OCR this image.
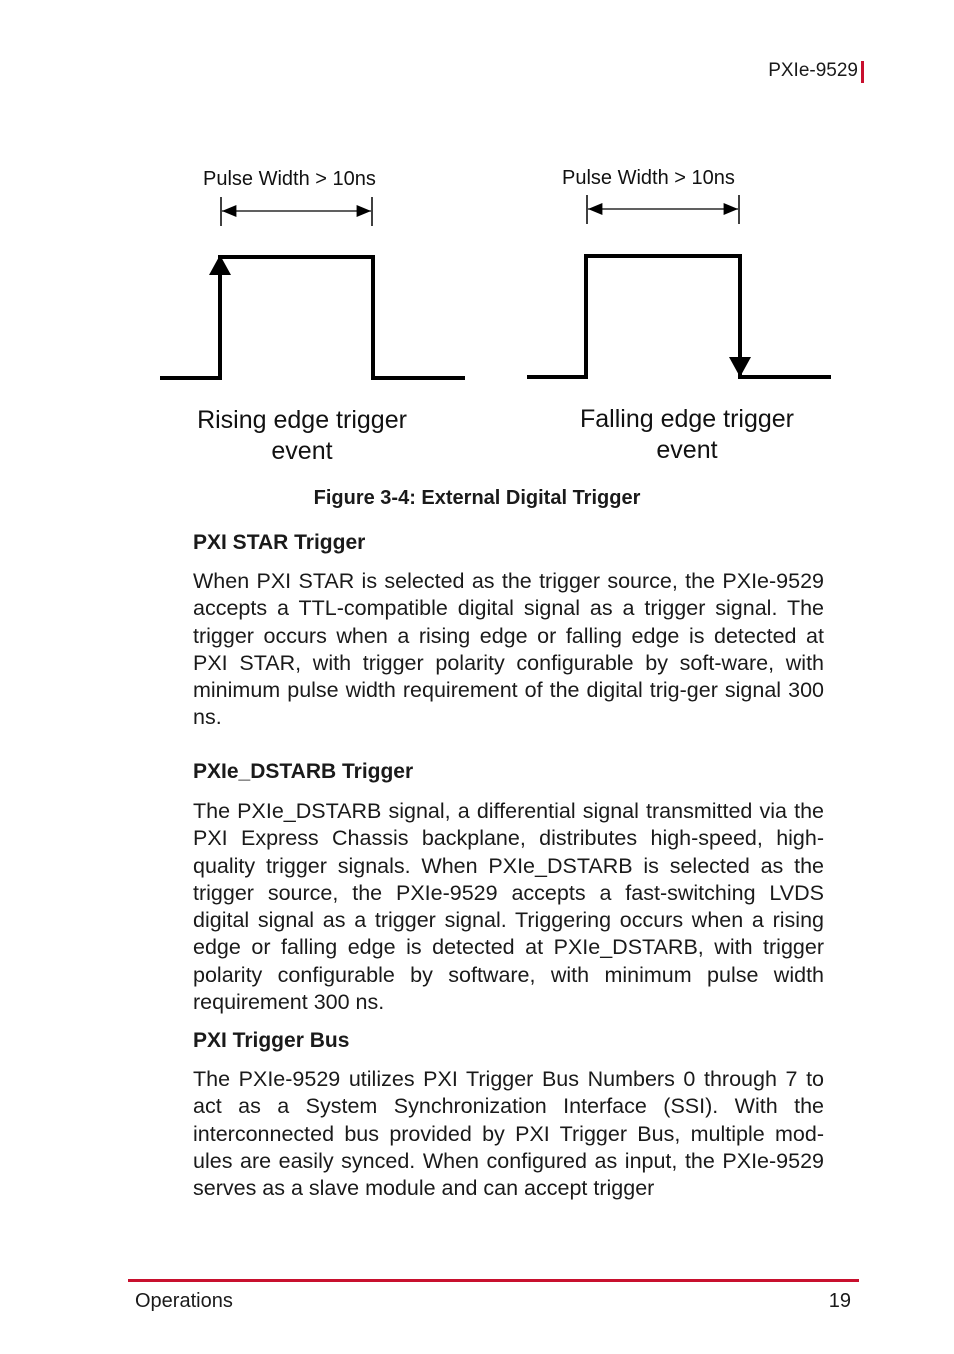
PXIe-9529
Pulse Width > 10ns	Pulse Width > 10ns
Rising edge trigger
event
Falling edge trigger
event
Figure 3-4: External Digital Trigger
PXI STAR Trigger
When PXI STAR is selected as the trigger source, the PXIe-9529 accepts a TTL-compatible digital signal as a trigger signal. The trigger occurs when a rising edge or falling edge is detected at PXI STAR, with trigger polarity configurable by soft-ware, with minimum pulse width requirement of the digital trig-ger signal 300 ns.
PXIe_DSTARB Trigger
The PXIe_DSTARB signal, a differential signal transmitted via the PXI Express Chassis backplane, distributes high-speed, high-quality trigger signals. When PXIe_DSTARB is selected as the trigger source, the PXIe-9529 accepts a fast-switching LVDS digital signal as a trigger signal. Triggering occurs when a rising edge or falling edge is detected at PXIe_DSTARB, with trigger polarity configurable by software, with minimum pulse width requirement 300 ns.
PXI Trigger Bus
The PXIe-9529 utilizes PXI Trigger Bus Numbers 0 through 7 to act as a System Synchronization Interface (SSI). With the interconnected bus provided by PXI Trigger Bus, multiple mod-ules are easily synced. When configured as input, the PXIe-9529 serves as a slave module and can accept trigger
Operations	19
